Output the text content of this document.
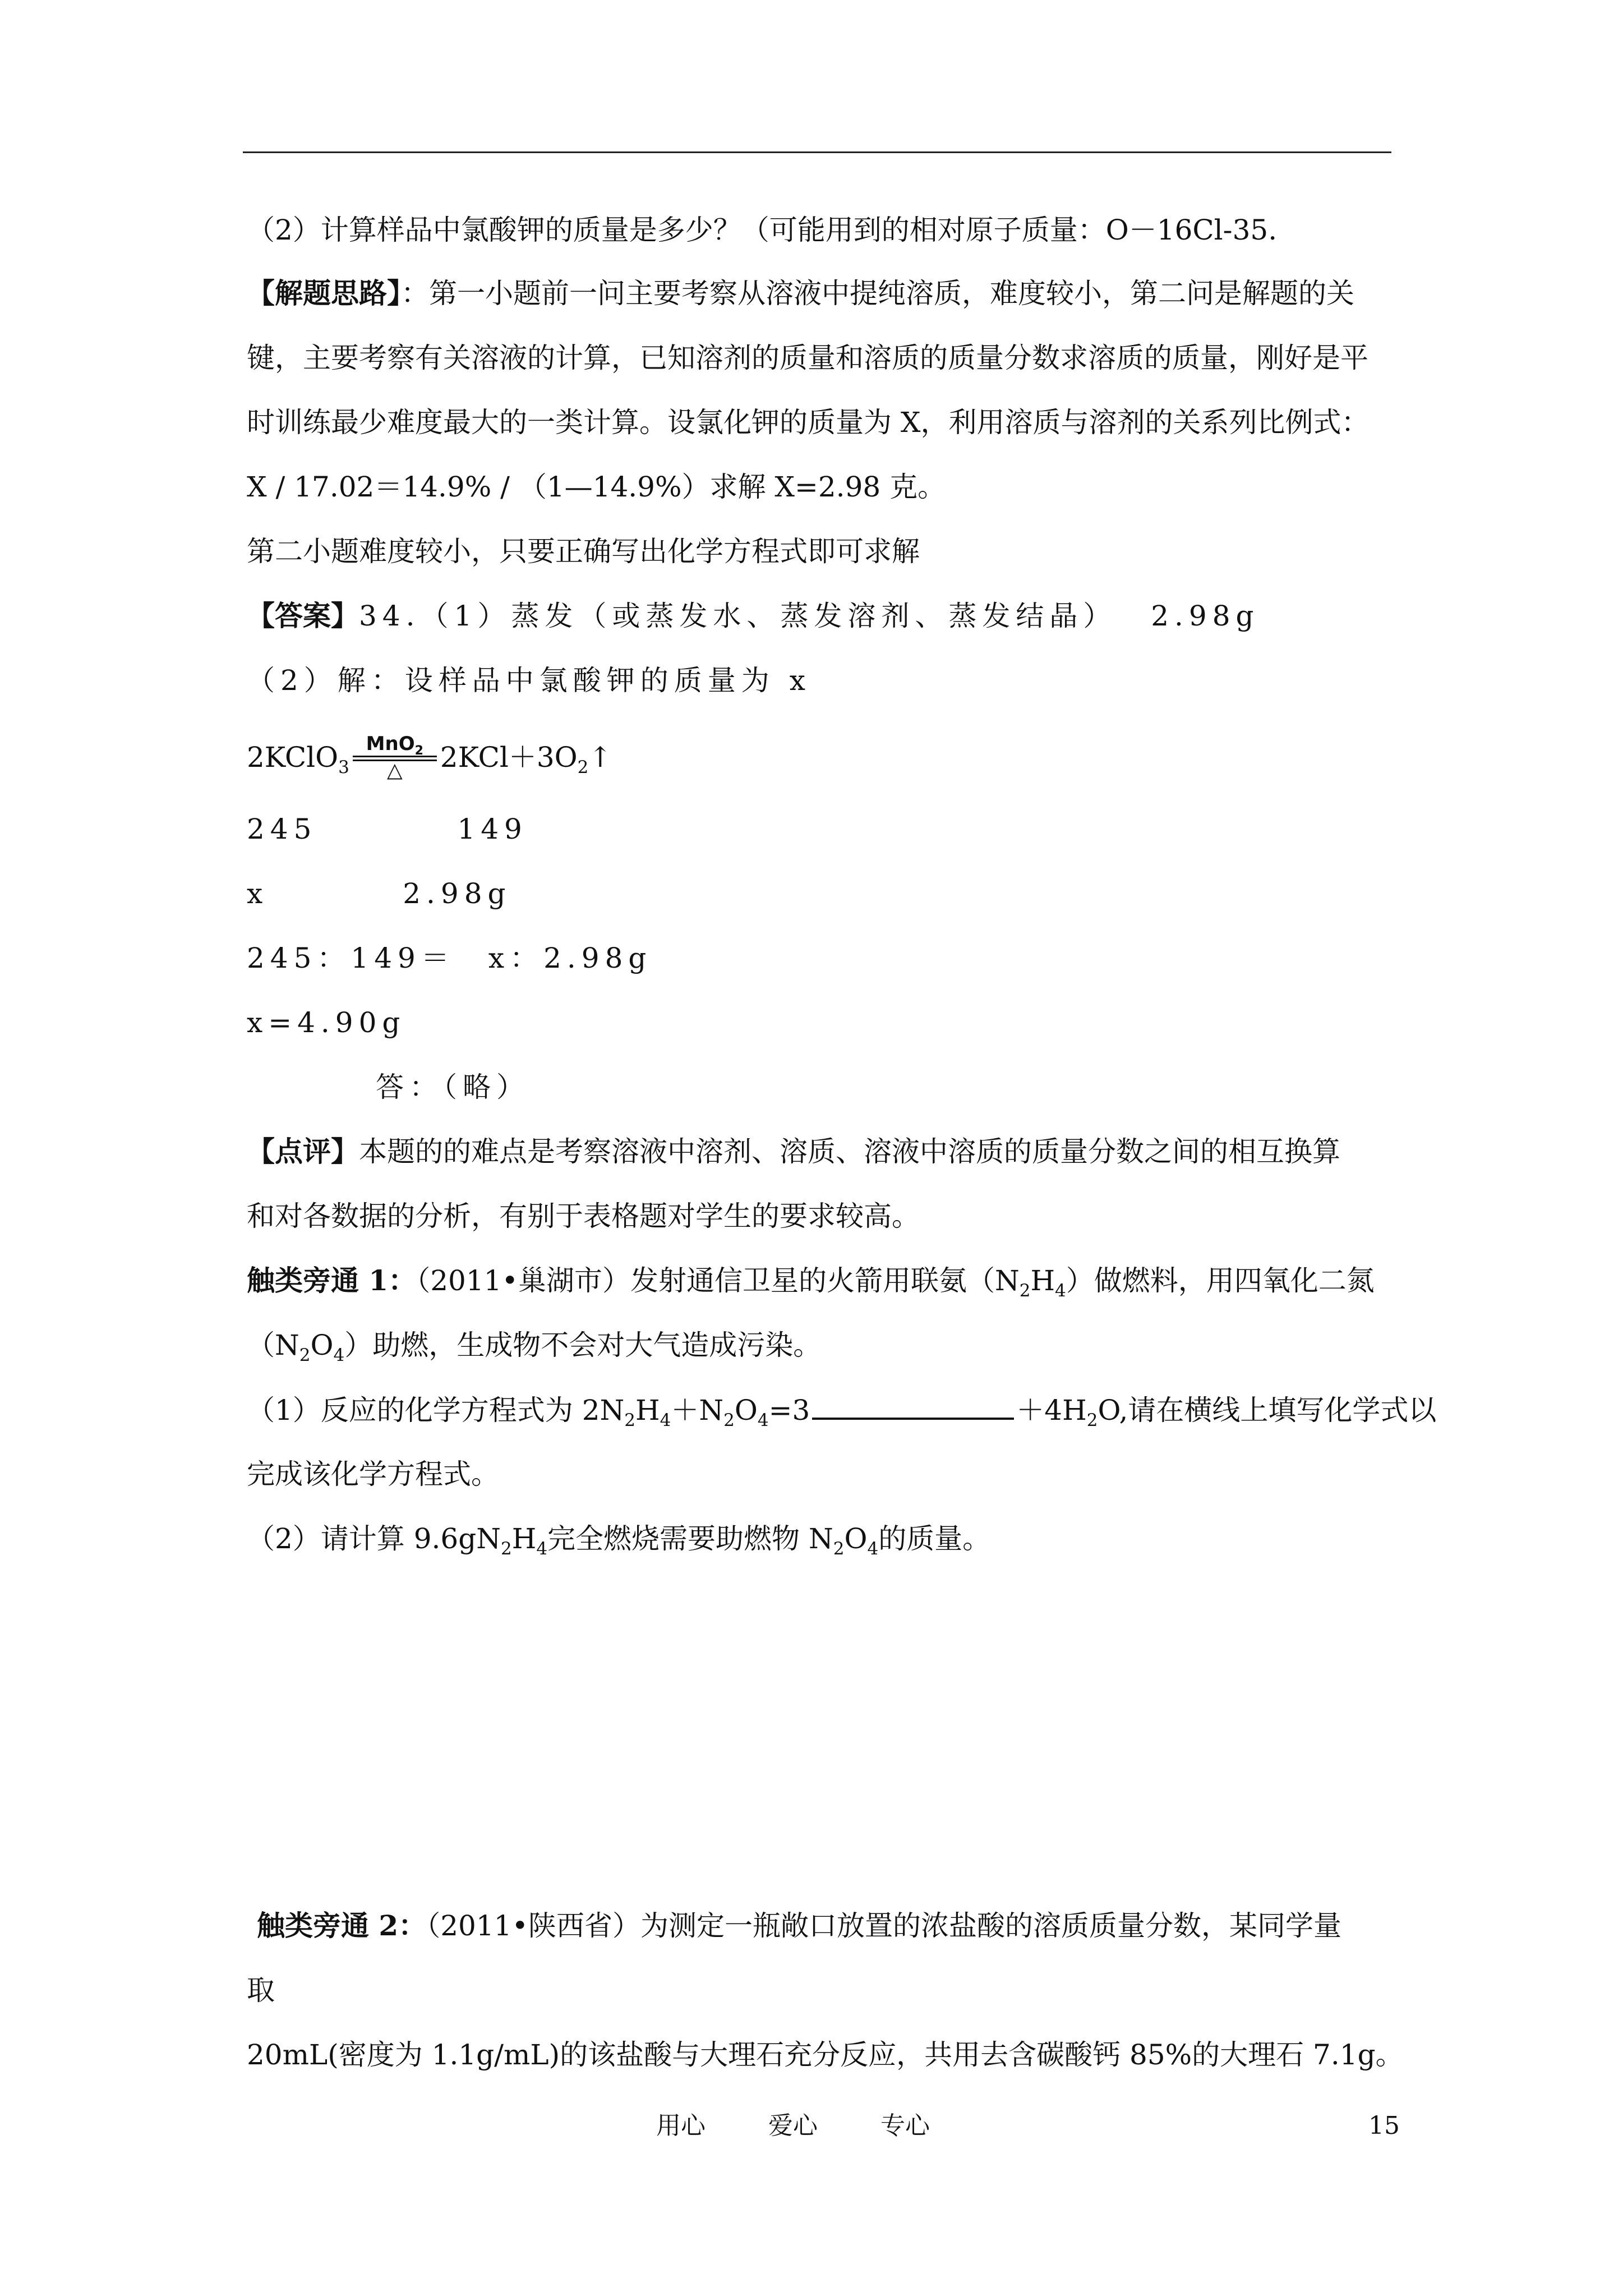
（2）计算样品中氯酸钾的质量是多少？（可能用到的相对原子质量：O－16Cl-35.
【解题思路】：第一小题前一问主要考察从溶液中提纯溶质，难度较小，第二问是解题的关
键，主要考察有关溶液的计算，已知溶剂的质量和溶质的质量分数求溶质的质量，刚好是平
时训练最少难度最大的一类计算。设氯化钾的质量为 X，利用溶质与溶剂的关系列比例式：
X / 17.02＝14.9% / （1—14.9%）求解 X=2.98 克。
第二小题难度较小，只要正确写出化学方程式即可求解
【答案】34.（1）蒸发（或蒸发水、蒸发溶剂、蒸发结晶）　 2.98g
（2）解：设样品中氯酸钾的质量为 x
2KClO$_3$
MnO$_2$
△	$2KCl+3O_2↑$
245	149
x	2.98g
245：149＝　x：2.98g
x=4.90g
答：（略）
【点评】本题的的难点是考察溶液中溶剂、溶质、溶液中溶质的质量分数之间的相互换算
和对各数据的分析，有别于表格题对学生的要求较高。
触类旁通 1：（2011•巢湖市）发射通信卫星的火箭用联氨$(N_2H_4)$做燃料，用四氧化二氮
$(N_2O_4)$助燃，生成物不会对大气造成污染。
（1）反应的化学方程式为 $2N_2H_4+N_2O_4=3$	$+4H_2O$,请在横线上填写化学式以
完成该化学方程式。
（2）请计算 $9.6gN_2H_4$完全燃烧需要助燃物 $N_2O_4$的质量。
触类旁通 2：（2011•陕西省）为测定一瓶敞口放置的浓盐酸的溶质质量分数，某同学量
取
20mL(密度为 1.1g/mL)的该盐酸与大理石充分反应，共用去含碳酸钙 85%的大理石 7.1g。
用心	爱心	专心	15
